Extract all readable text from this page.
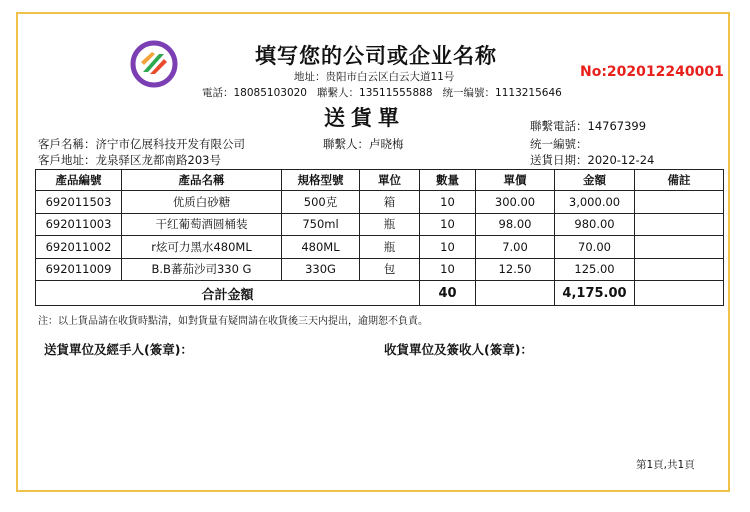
填写您的公司或企业名称
地址：贵阳市白云区白云大道11号
電話：18085103020 聯繫人：13511555888 统一编號：1113215646
No:202012240001
送貨單
客戶名稱：济宁市亿展科技开发有限公司
客戶地址：龙泉驿区龙都南路203号
聯繫人：卢晓梅
聯繫電話：14767399
统一編號：
送貨日期：2020-12-24
產品編號	產品名稱	規格型號	單位	數量	單價	金額	備註
692011503	优质白砂糖	500克	箱	10	300.00	3,000.00	
692011003	干红葡萄酒圆桶装	750ml	瓶	10	98.00	980.00	
692011002	r炫可力黑水480ML	480ML	瓶	10	7.00	70.00	
692011009	B.B蕃茄沙司330 G	330G	包	10	12.50	125.00	
合計金額				40		4,175.00	
注：以上貨品請在收貨時點清，如對貨量有疑問請在收貨後三天内提出，逾期恕不負責。
送貨單位及經手人(簽章)：	收貨單位及簽收人(簽章)：
第1頁,共1頁
